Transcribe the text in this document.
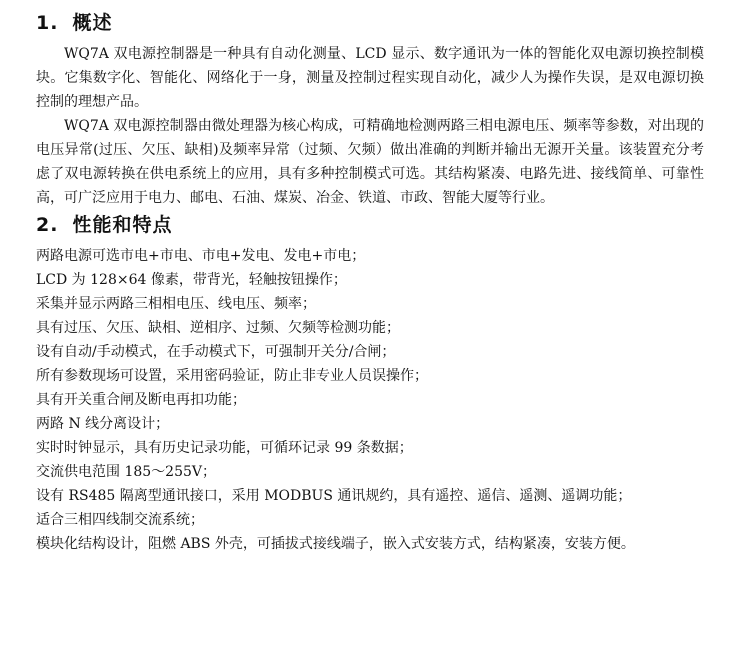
1. 概述

WQ7A 双电源控制器是一种具有自动化测量、LCD 显示、数字通讯为一体的智能化双电源切换控制模块。它集数字化、智能化、网络化于一身，测量及控制过程实现自动化，减少人为操作失误，是双电源切换控制的理想产品。

WQ7A 双电源控制器由微处理器为核心构成，可精确地检测两路三相电源电压、频率等参数，对出现的电压异常(过压、欠压、缺相)及频率异常（过频、欠频）做出准确的判断并输出无源开关量。该装置充分考虑了双电源转换在供电系统上的应用，具有多种控制模式可选。其结构紧凑、电路先进、接线简单、可靠性高，可广泛应用于电力、邮电、石油、煤炭、冶金、铁道、市政、智能大厦等行业。

2. 性能和特点
两路电源可选市电+市电、市电+发电、发电+市电；
LCD 为 128×64 像素，带背光，轻触按钮操作；
采集并显示两路三相相电压、线电压、频率；
具有过压、欠压、缺相、逆相序、过频、欠频等检测功能；
设有自动/手动模式，在手动模式下，可强制开关分/合闸；
所有参数现场可设置，采用密码验证，防止非专业人员误操作；
具有开关重合闸及断电再扣功能；
两路 N 线分离设计；
实时时钟显示，具有历史记录功能，可循环记录 99 条数据；
交流供电范围 185～255V；
设有 RS485 隔离型通讯接口，采用 MODBUS 通讯规约，具有遥控、遥信、遥测、遥调功能；
适合三相四线制交流系统；
模块化结构设计，阻燃 ABS 外壳，可插拔式接线端子，嵌入式安装方式，结构紧凑，安装方便。
